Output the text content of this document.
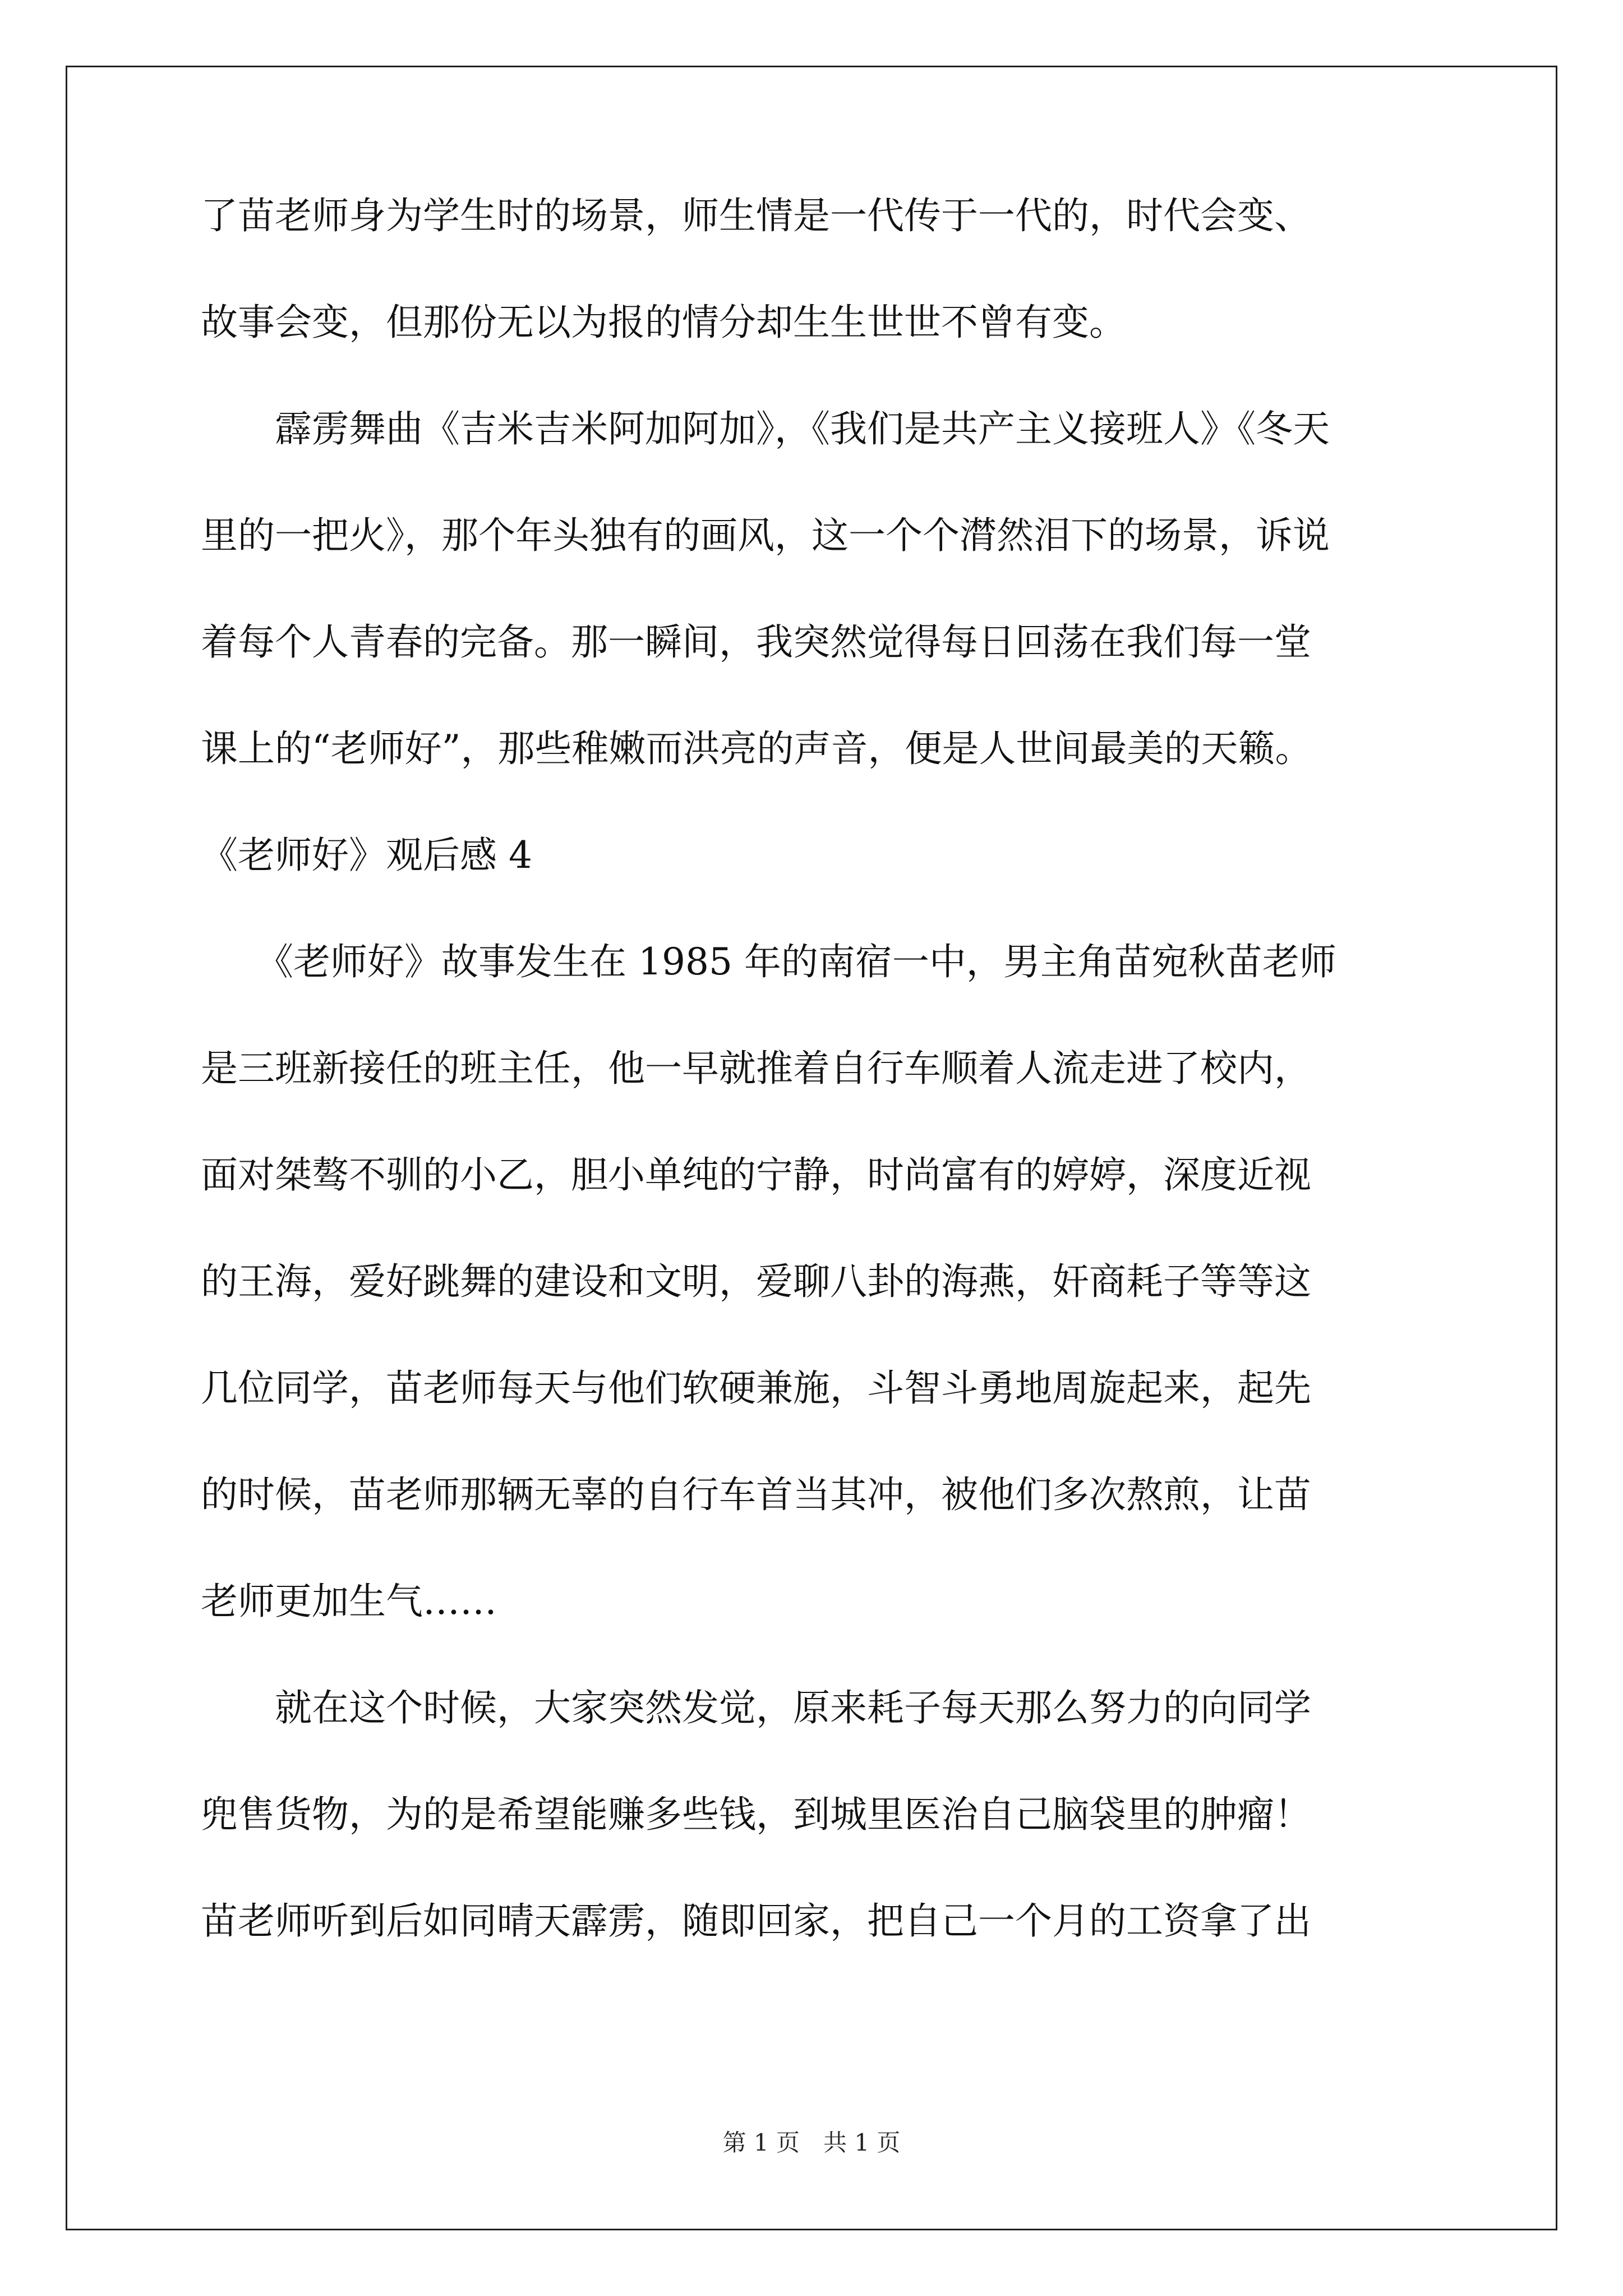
了苗老师身为学生时的场景，师生情是一代传于一代的，时代会变、
故事会变，但那份无以为报的情分却生生世世不曾有变。
　　霹雳舞曲《吉米吉米阿加阿加》，《我们是共产主义接班人》《冬天
里的一把火》，那个年头独有的画风，这一个个潸然泪下的场景，诉说
着每个人青春的完备。那一瞬间，我突然觉得每日回荡在我们每一堂
课上的“老师好”，那些稚嫩而洪亮的声音，便是人世间最美的天籁。
《老师好》观后感 4
　　《老师好》故事发生在 1985 年的南宿一中，男主角苗宛秋苗老师
是三班新接任的班主任，他一早就推着自行车顺着人流走进了校内，
面对桀骜不驯的小乙，胆小单纯的宁静，时尚富有的婷婷，深度近视
的王海，爱好跳舞的建设和文明，爱聊八卦的海燕，奸商耗子等等这
几位同学，苗老师每天与他们软硬兼施，斗智斗勇地周旋起来，起先
的时候，苗老师那辆无辜的自行车首当其冲，被他们多次熬煎，让苗
老师更加生气……
　　就在这个时候，大家突然发觉，原来耗子每天那么努力的向同学
兜售货物，为的是希望能赚多些钱，到城里医治自己脑袋里的肿瘤！
苗老师听到后如同晴天霹雳，随即回家，把自己一个月的工资拿了出
第 1 页　共 1 页
